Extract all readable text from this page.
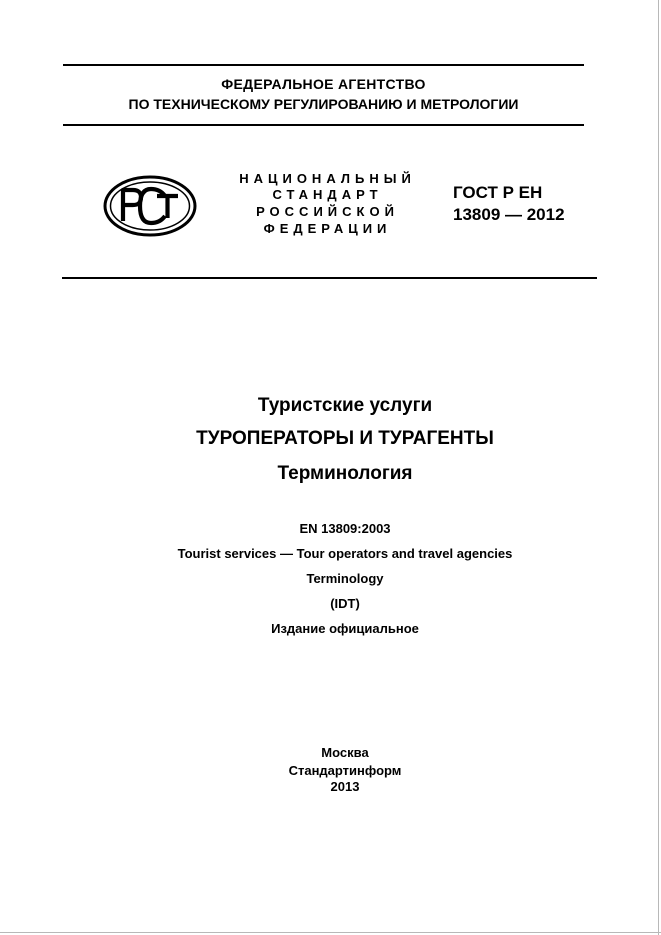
ФЕДЕРАЛЬНОЕ АГЕНТСТВО
ПО ТЕХНИЧЕСКОМУ РЕГУЛИРОВАНИЮ И МЕТРОЛОГИИ
НАЦИОНАЛЬНЫЙ
СТАНДАРТ
РОССИЙСКОЙ
ФЕДЕРАЦИИ
ГОСТ Р ЕН
13809 — 2012
Туристские услуги
ТУРОПЕРАТОРЫ И ТУРАГЕНТЫ
Терминология
EN 13809:2003
Tourist services — Tour operators and travel agencies
Terminology
(IDT)
Издание официальное
Москва
Стандартинформ
2013
